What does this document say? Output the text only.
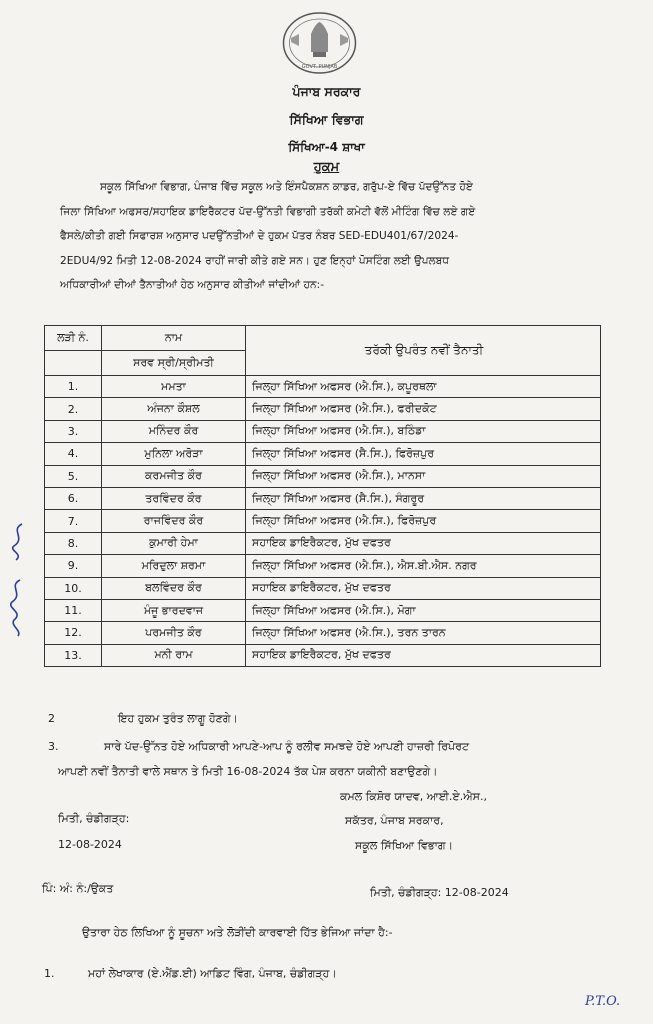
GOVT. PUNJAB
ਪੰਜਾਬ ਸਰਕਾਰ
ਸਿੱਖਿਆ ਵਿਭਾਗ
ਸਿੱਖਿਆ-4 ਸ਼ਾਖਾ
ਹੁਕਮ
ਸਕੂਲ ਸਿੱਖਿਆ ਵਿਭਾਗ, ਪੰਜਾਬ ਵਿੱਚ ਸਕੂਲ ਅਤੇ ਇੰਸਪੈਕਸ਼ਨ ਕਾਡਰ, ਗਰੁੱਪ-ਏ ਵਿੱਚ ਪੱਦਉੱਨਤ ਹੋਏ
ਜਿਲਾ ਸਿੱਖਿਆ ਅਫਸਰ/ਸਹਾਇਕ ਡਾਇਰੈਕਟਰ ਪੱਦ-ਉੱਨਤੀ ਵਿਭਾਗੀ ਤਰੱਕੀ ਕਮੇਟੀ ਵੱਲੋਂ ਮੀਟਿੰਗ ਵਿੱਚ ਲਏ ਗਏ
ਫੈਸਲੇ/ਕੀਤੀ ਗਈ ਸਿਫਾਰਸ਼ ਅਨੁਸਾਰ ਪਦਉੱਨਤੀਆਂ ਦੇ ਹੁਕਮ ਪੱਤਰ ਨੰਬਰ SED-EDU401/67/2024-
2EDU4/92 ਮਿਤੀ 12-08-2024 ਰਾਹੀਂ ਜਾਰੀ ਕੀਤੇ ਗਏ ਸਨ। ਹੁਣ ਇਨ੍ਹਾਂ ਪੋਸਟਿੰਗ ਲਈ ਉਪਲਬਧ
ਅਧਿਕਾਰੀਆਂ ਦੀਆਂ ਤੈਨਾਤੀਆਂ ਹੇਠ ਅਨੁਸਾਰ ਕੀਤੀਆਂ ਜਾਂਦੀਆਂ ਹਨ:-
ਲੜੀ ਨੰ.	ਨਾਮ	ਤਰੱਕੀ ਉਪਰੰਤ ਨਵੀਂ ਤੈਨਾਤੀ
	ਸਰਵ ਸ੍ਰੀ/ਸ੍ਰੀਮਤੀ	
1.	ਮਮਤਾ	ਜਿਲ੍ਹਾ ਸਿੱਖਿਆ ਅਫਸਰ (ਐ.ਸਿ.), ਕਪੂਰਥਲਾ
2.	ਅੰਜਨਾ ਕੌਸ਼ਲ	ਜਿਲ੍ਹਾ ਸਿੱਖਿਆ ਅਫਸਰ (ਐ.ਸਿ.), ਫਰੀਦਕੋਟ
3.	ਮਨਿੰਦਰ ਕੌਰ	ਜਿਲ੍ਹਾ ਸਿੱਖਿਆ ਅਫਸਰ (ਐ.ਸਿ.), ਬਠਿੰਡਾ
4.	ਮੁਨਿਲਾ ਅਰੋੜਾ	ਜਿਲ੍ਹਾ ਸਿੱਖਿਆ ਅਫਸਰ (ਸੈ.ਸਿ.), ਫਿਰੋਜ਼ਪੁਰ
5.	ਕਰਮਜੀਤ ਕੌਰ	ਜਿਲ੍ਹਾ ਸਿੱਖਿਆ ਅਫਸਰ (ਐ.ਸਿ.), ਮਾਨਸਾ
6.	ਤਰਵਿੰਦਰ ਕੌਰ	ਜਿਲ੍ਹਾ ਸਿੱਖਿਆ ਅਫਸਰ (ਸੈ.ਸਿ.), ਸੰਗਰੂਰ
7.	ਰਾਜਵਿੰਦਰ ਕੌਰ	ਜਿਲ੍ਹਾ ਸਿੱਖਿਆ ਅਫਸਰ (ਐ.ਸਿ.), ਫਿਰੋਜ਼ਪੁਰ
8.	ਕੁਮਾਰੀ ਹੇਮਾ	ਸਹਾਇਕ ਡਾਇਰੈਕਟਰ, ਮੁੱਖ ਦਫਤਰ
9.	ਮਰਿਦੁਲਾ ਸ਼ਰਮਾ	ਜਿਲ੍ਹਾ ਸਿੱਖਿਆ ਅਫਸਰ (ਐ.ਸਿ.), ਐਸ.ਬੀ.ਐਸ. ਨਗਰ
10.	ਬਲਵਿੰਦਰ ਕੌਰ	ਸਹਾਇਕ ਡਾਇਰੈਕਟਰ, ਮੁੱਖ ਦਫਤਰ
11.	ਮੰਜੂ ਭਾਰਦਵਾਜ	ਜਿਲ੍ਹਾ ਸਿੱਖਿਆ ਅਫਸਰ (ਐ.ਸਿ.), ਮੋਗਾ
12.	ਪਰਮਜੀਤ ਕੌਰ	ਜਿਲ੍ਹਾ ਸਿੱਖਿਆ ਅਫਸਰ (ਐ.ਸਿ.), ਤਰਨ ਤਾਰਨ
13.	ਮਨੀ ਰਾਮ	ਸਹਾਇਕ ਡਾਇਰੈਕਟਰ, ਮੁੱਖ ਦਫਤਰ
2	ਇਹ ਹੁਕਮ ਤੁਰੰਤ ਲਾਗੂ ਹੋਣਗੇ।
3.	ਸਾਰੇ ਪੱਦ-ਉੱਨਤ ਹੋਏ ਅਧਿਕਾਰੀ ਆਪਣੇ-ਆਪ ਨੂੰ ਰਲੀਵ ਸਮਝਦੇ ਹੋਏ ਆਪਣੀ ਹਾਜ਼ਰੀ ਰਿਪੋਰਟ
ਆਪਣੀ ਨਵੀਂ ਤੈਨਾਤੀ ਵਾਲੇ ਸਥਾਨ ਤੇ ਮਿਤੀ 16-08-2024 ਤੱਕ ਪੇਸ਼ ਕਰਨਾ ਯਕੀਨੀ ਬਣਾਉਣਗੇ।
ਕਮਲ ਕਿਸ਼ੋਰ ਯਾਦਵ, ਆਈ.ਏ.ਐਸ.,
ਸਕੱਤਰ, ਪੰਜਾਬ ਸਰਕਾਰ,
ਸਕੂਲ ਸਿੱਖਿਆ ਵਿਭਾਗ।
ਮਿਤੀ, ਚੰਡੀਗੜ੍ਹ:
12-08-2024
ਪਿੰ: ਅੰ: ਨੰ:/ਉਕਤ	ਮਿਤੀ, ਚੰਡੀਗੜ੍ਹ: 12-08-2024
ਉਤਾਰਾ ਹੇਠ ਲਿਖਿਆ ਨੂੰ ਸੂਚਨਾ ਅਤੇ ਲੋੜੀਂਦੀ ਕਾਰਵਾਈ ਹਿੱਤ ਭੇਜਿਆ ਜਾਂਦਾ ਹੈ:-
1.	ਮਹਾਂ ਲੇਖਾਕਾਰ (ਏ.ਐਂਡ.ਈ) ਆਡਿਟ ਵਿੰਗ, ਪੰਜਾਬ, ਚੰਡੀਗੜ੍ਹ।
P.T.O.
